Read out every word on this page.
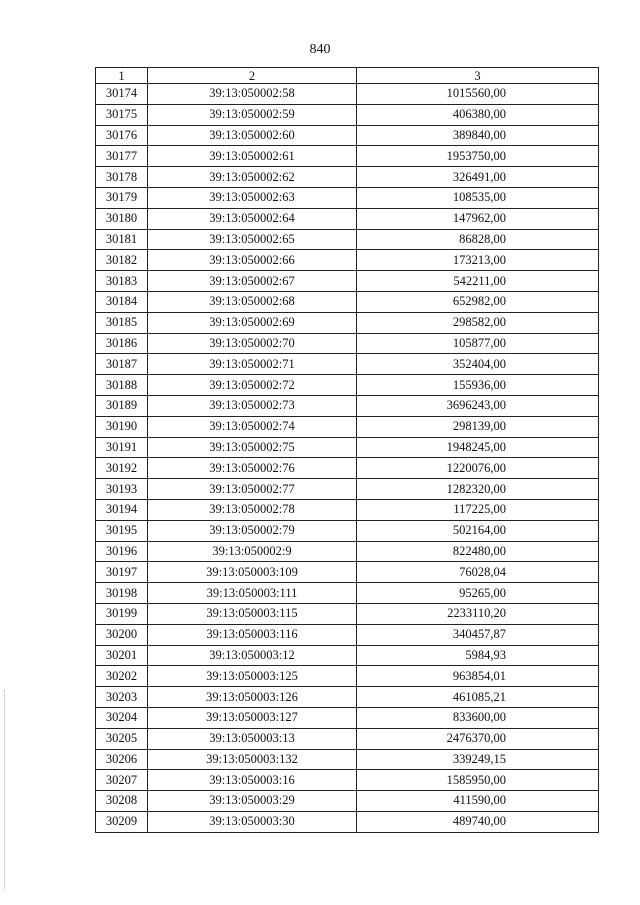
840
1	2	3
30174	39:13:050002:58	1015560,00
30175	39:13:050002:59	406380,00
30176	39:13:050002:60	389840,00
30177	39:13:050002:61	1953750,00
30178	39:13:050002:62	326491,00
30179	39:13:050002:63	108535,00
30180	39:13:050002:64	147962,00
30181	39:13:050002:65	86828,00
30182	39:13:050002:66	173213,00
30183	39:13:050002:67	542211,00
30184	39:13:050002:68	652982,00
30185	39:13:050002:69	298582,00
30186	39:13:050002:70	105877,00
30187	39:13:050002:71	352404,00
30188	39:13:050002:72	155936,00
30189	39:13:050002:73	3696243,00
30190	39:13:050002:74	298139,00
30191	39:13:050002:75	1948245,00
30192	39:13:050002:76	1220076,00
30193	39:13:050002:77	1282320,00
30194	39:13:050002:78	117225,00
30195	39:13:050002:79	502164,00
30196	39:13:050002:9	822480,00
30197	39:13:050003:109	76028,04
30198	39:13:050003:111	95265,00
30199	39:13:050003:115	2233110,20
30200	39:13:050003:116	340457,87
30201	39:13:050003:12	5984,93
30202	39:13:050003:125	963854,01
30203	39:13:050003:126	461085,21
30204	39:13:050003:127	833600,00
30205	39:13:050003:13	2476370,00
30206	39:13:050003:132	339249,15
30207	39:13:050003:16	1585950,00
30208	39:13:050003:29	411590,00
30209	39:13:050003:30	489740,00
